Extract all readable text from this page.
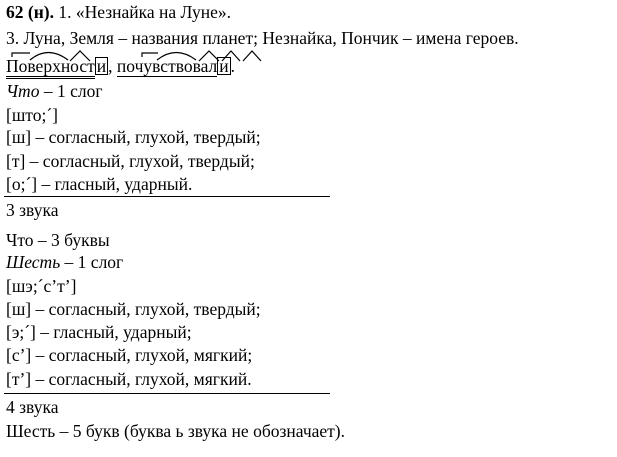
62 (н). 1. «Незнайка на Луне».
3. Луна, Земля – названия планет; Незнайка, Пончик – имена героев.
Поверхност и , почувствовал и .
Что – 1 слог
[што;´]
[ш] – согласный, глухой, твердый;
[т] – согласный, глухой, твердый;
[о;´] – гласный, ударный.
3 звука
Что – 3 буквы
Шесть – 1 слог
[шэ;´с’т’]
[ш] – согласный, глухой, твердый;
[э;´] – гласный, ударный;
[с’] – согласный, глухой, мягкий;
[т’] – согласный, глухой, мягкий.
4 звука
Шесть – 5 букв (буква ь звука не обозначает).
